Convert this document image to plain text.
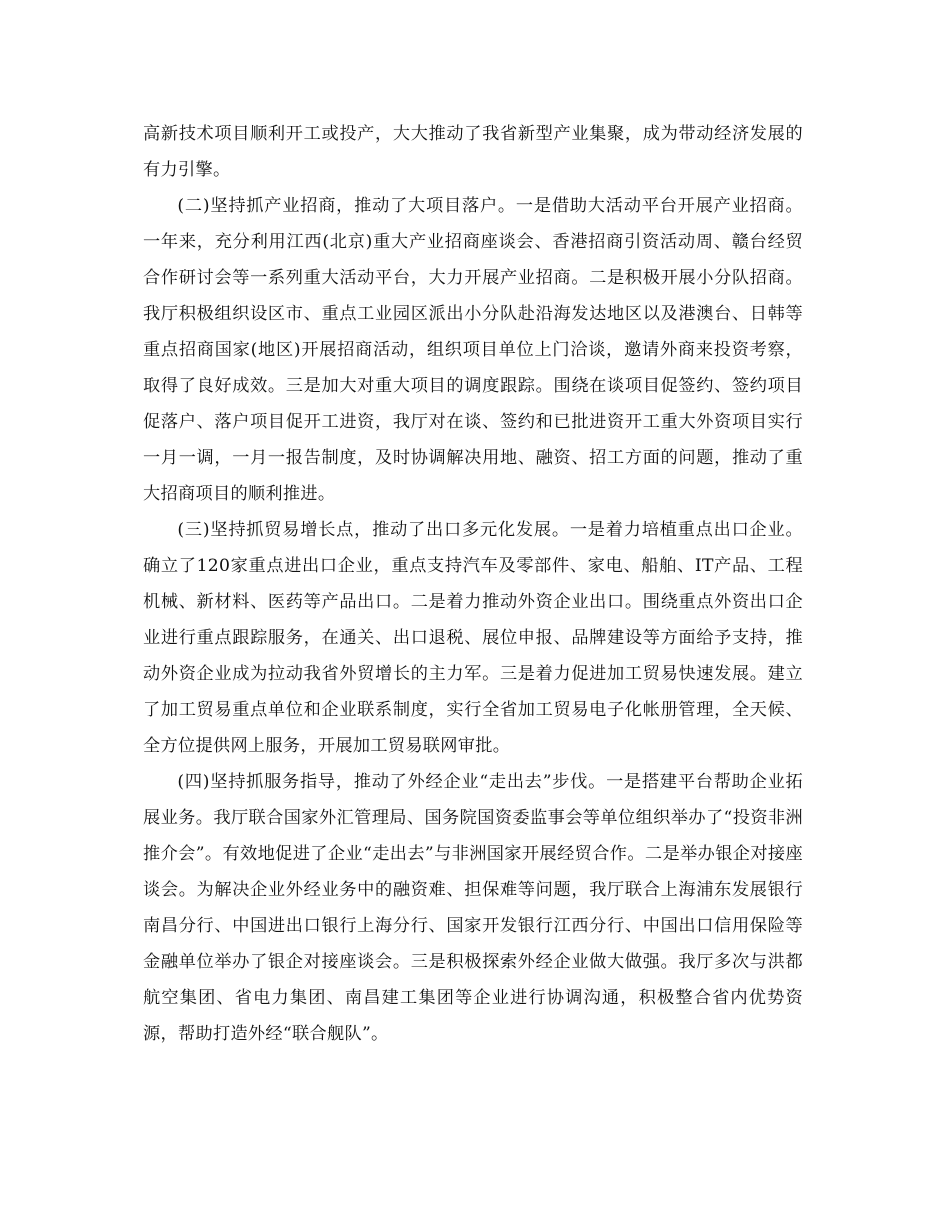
高新技术项目顺利开工或投产，大大推动了我省新型产业集聚，成为带动经济发展的有力引擎。

(二)坚持抓产业招商，推动了大项目落户。一是借助大活动平台开展产业招商。一年来，充分利用江西(北京)重大产业招商座谈会、香港招商引资活动周、赣台经贸合作研讨会等一系列重大活动平台，大力开展产业招商。二是积极开展小分队招商。我厅积极组织设区市、重点工业园区派出小分队赴沿海发达地区以及港澳台、日韩等重点招商国家(地区)开展招商活动，组织项目单位上门洽谈，邀请外商来投资考察，取得了良好成效。三是加大对重大项目的调度跟踪。围绕在谈项目促签约、签约项目促落户、落户项目促开工进资，我厅对在谈、签约和已批进资开工重大外资项目实行一月一调，一月一报告制度，及时协调解决用地、融资、招工方面的问题，推动了重大招商项目的顺利推进。

(三)坚持抓贸易增长点，推动了出口多元化发展。一是着力培植重点出口企业。确立了120家重点进出口企业，重点支持汽车及零部件、家电、船舶、IT产品、工程机械、新材料、医药等产品出口。二是着力推动外资企业出口。围绕重点外资出口企业进行重点跟踪服务，在通关、出口退税、展位申报、品牌建设等方面给予支持，推动外资企业成为拉动我省外贸增长的主力军。三是着力促进加工贸易快速发展。建立了加工贸易重点单位和企业联系制度，实行全省加工贸易电子化帐册管理，全天候、全方位提供网上服务，开展加工贸易联网审批。

(四)坚持抓服务指导，推动了外经企业“走出去”步伐。一是搭建平台帮助企业拓展业务。我厅联合国家外汇管理局、国务院国资委监事会等单位组织举办了“投资非洲推介会”。有效地促进了企业“走出去”与非洲国家开展经贸合作。二是举办银企对接座谈会。为解决企业外经业务中的融资难、担保难等问题，我厅联合上海浦东发展银行南昌分行、中国进出口银行上海分行、国家开发银行江西分行、中国出口信用保险等金融单位举办了银企对接座谈会。三是积极探索外经企业做大做强。我厅多次与洪都航空集团、省电力集团、南昌建工集团等企业进行协调沟通，积极整合省内优势资源，帮助打造外经“联合舰队”。
